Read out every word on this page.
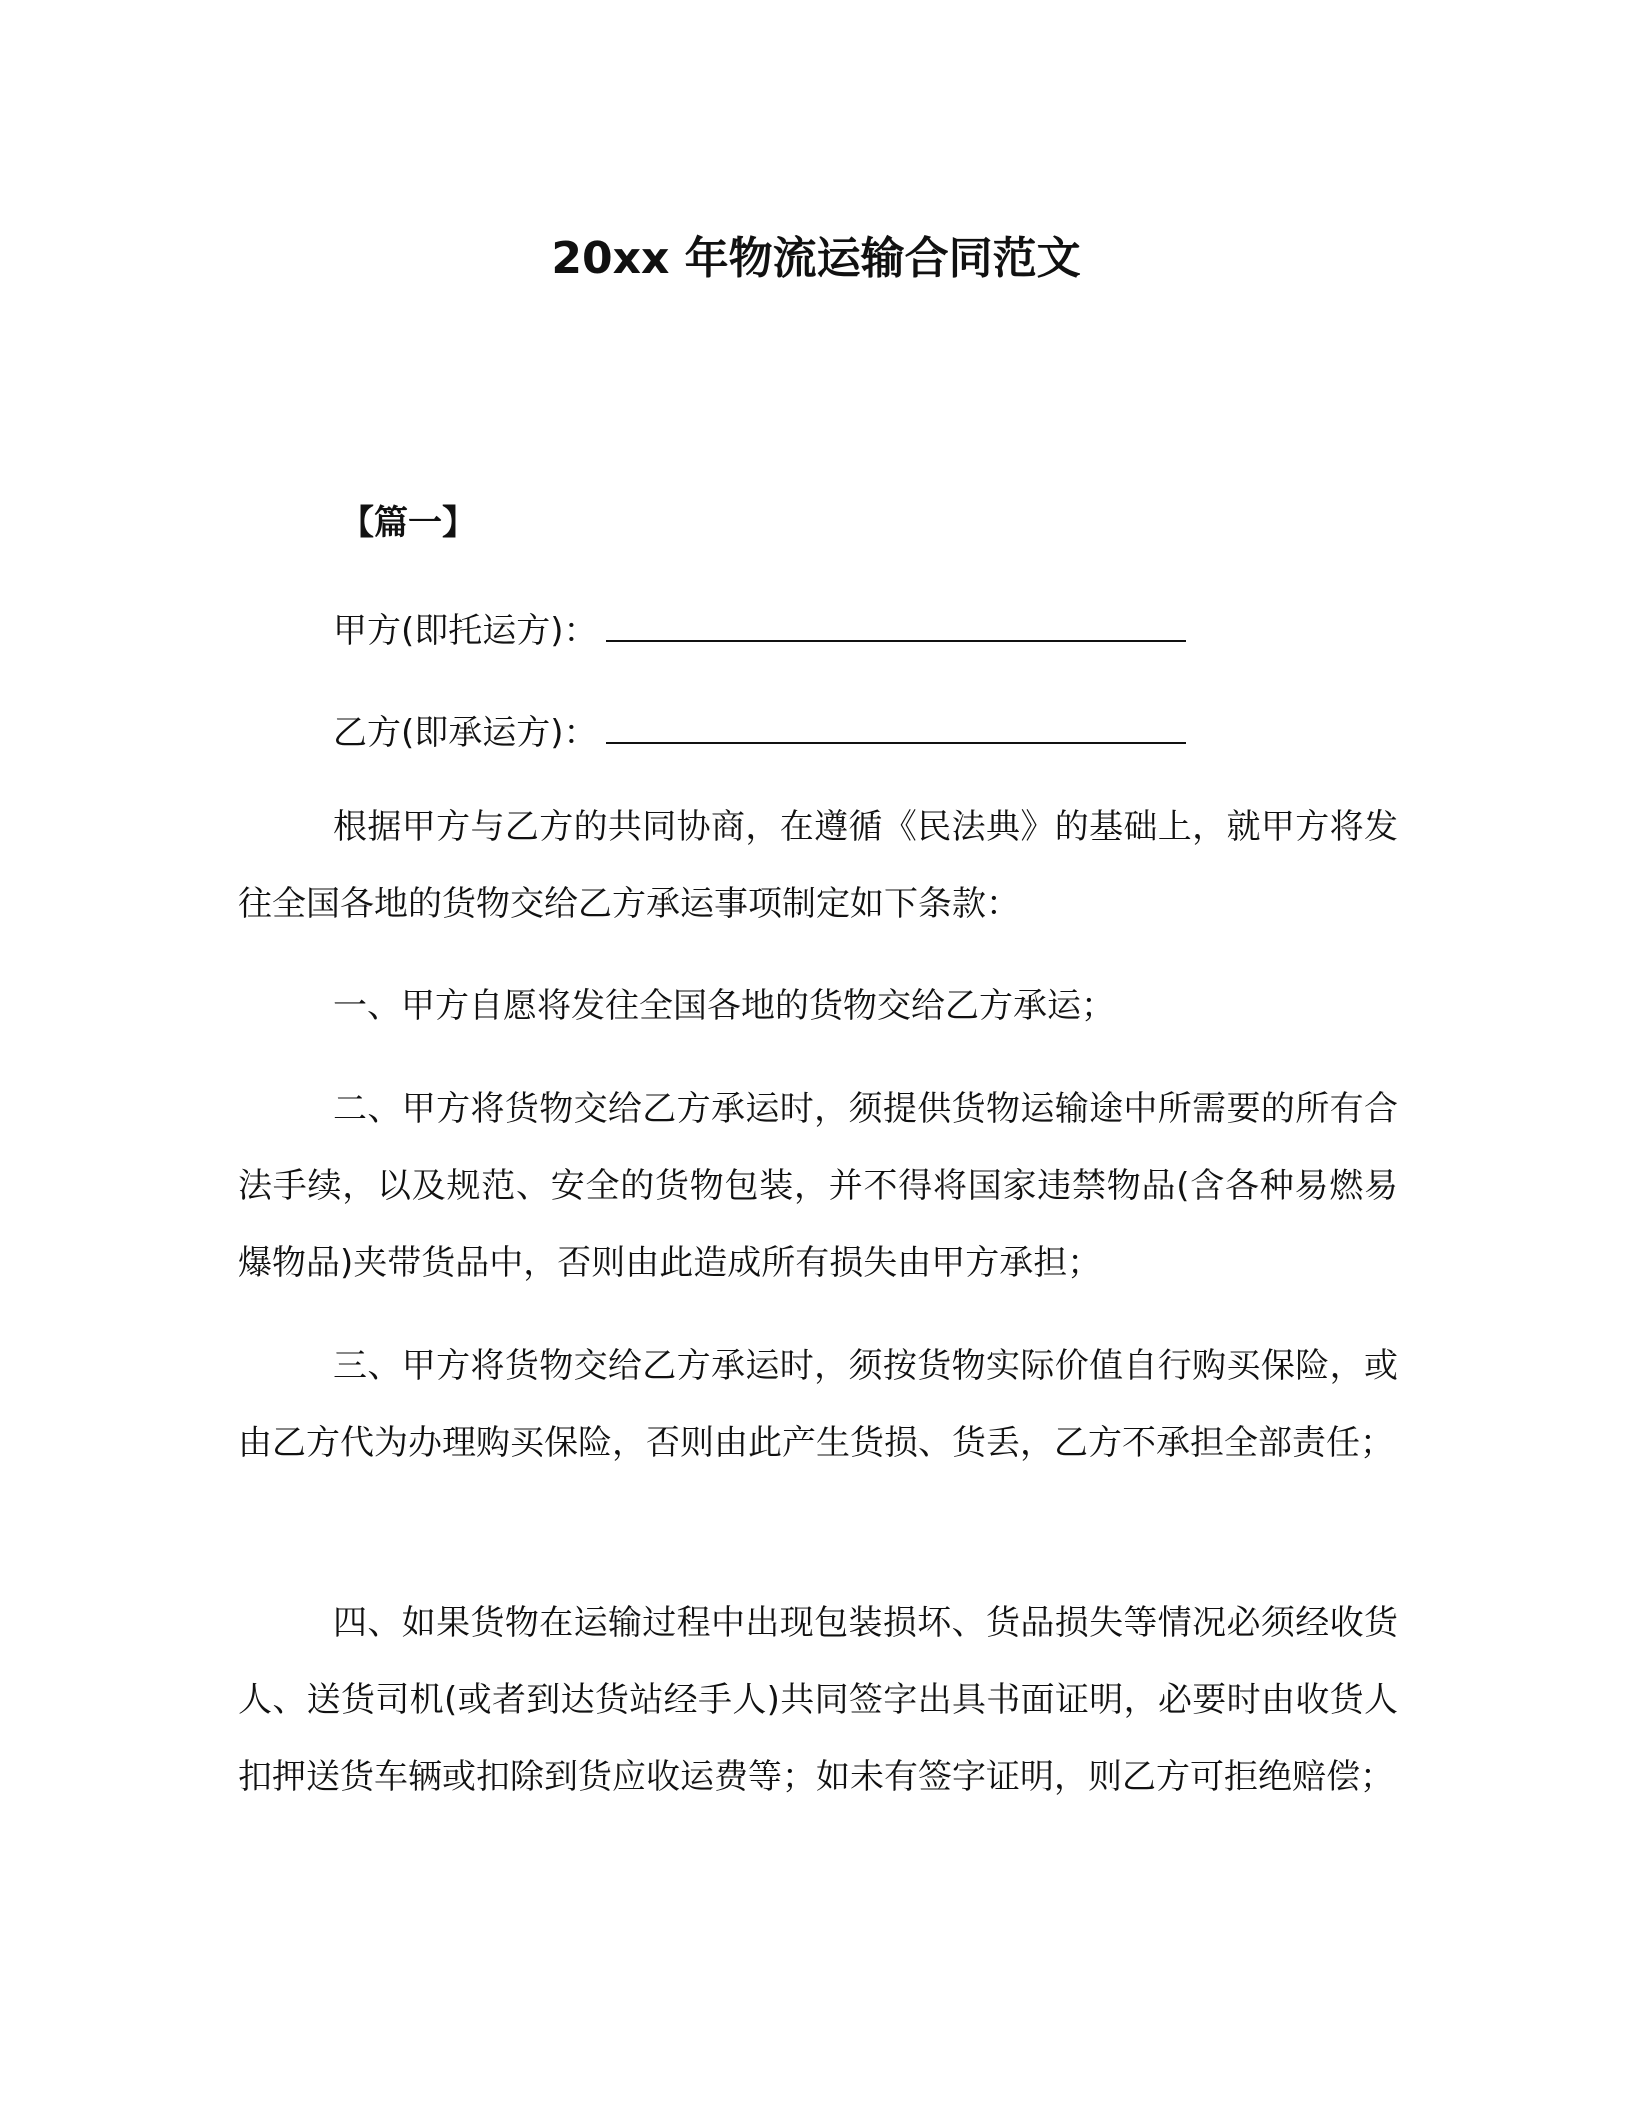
20xx 年物流运输合同范文

【篇一】

甲方(即托运方)：

乙方(即承运方)：

根据甲方与乙方的共同协商，在遵循《民法典》的基础上，就甲方将发往全国各地的货物交给乙方承运事项制定如下条款：

一、甲方自愿将发往全国各地的货物交给乙方承运；

二、甲方将货物交给乙方承运时，须提供货物运输途中所需要的所有合法手续，以及规范、安全的货物包装，并不得将国家违禁物品(含各种易燃易爆物品)夹带货品中，否则由此造成所有损失由甲方承担；

三、甲方将货物交给乙方承运时，须按货物实际价值自行购买保险，或由乙方代为办理购买保险，否则由此产生货损、货丢，乙方不承担全部责任；

四、如果货物在运输过程中出现包装损坏、货品损失等情况必须经收货人、送货司机(或者到达货站经手人)共同签字出具书面证明，必要时由收货人扣押送货车辆或扣除到货应收运费等；如未有签字证明，则乙方可拒绝赔偿；
